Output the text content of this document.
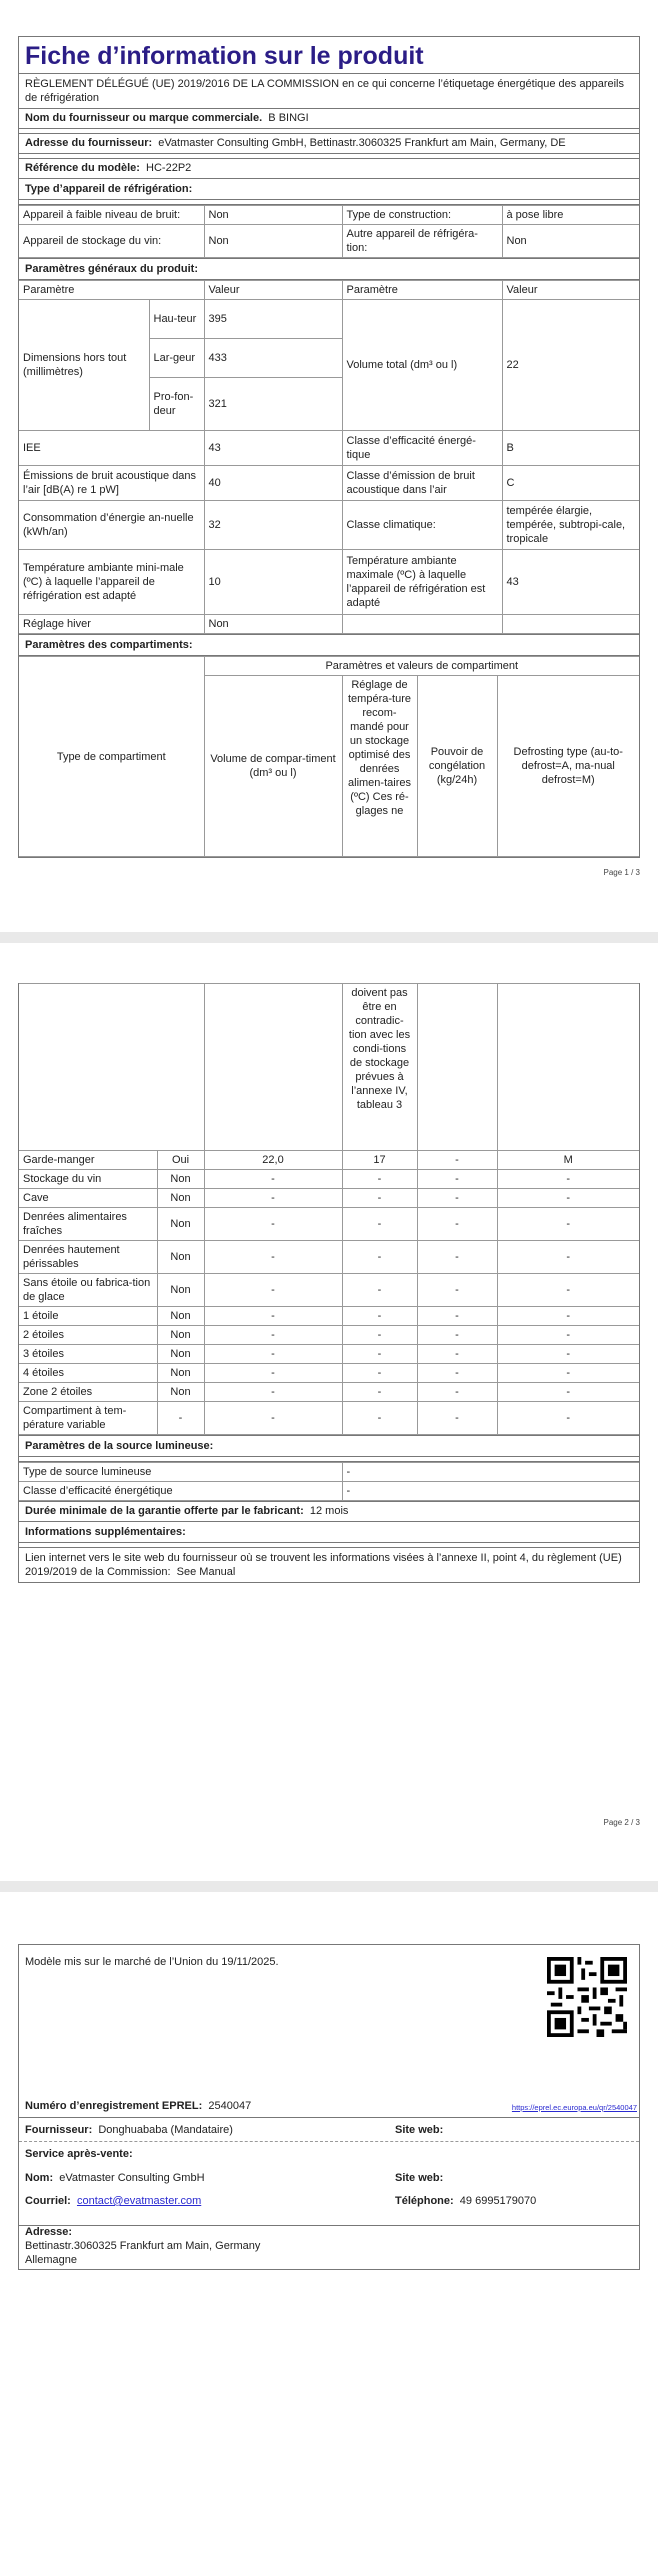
Fiche d’information sur le produit
RÈGLEMENT DÉLÉGUÉ (UE) 2019/2016 DE LA COMMISSION en ce qui concerne l’étiquetage énergétique des appareils de réfrigération
Nom du fournisseur ou marque commerciale. B BINGI
Adresse du fournisseur: eVatmaster Consulting GmbH, Bettinastr.3060325 Frankfurt am Main, Germany, DE
Référence du modèle: HC-22P2
Type d’appareil de réfrigération:
Appareil à faible niveau de bruit:	Non	Type de construction:	à pose libre
Appareil de stockage du vin:	Non	Autre appareil de réfrigéra-tion:	Non
Paramètres généraux du produit:
Paramètre		Valeur	Paramètre	Valeur
Dimensions hors tout (millimètres)	Hau-teur	395	Volume total (dm³ ou l)	22
	Lar-geur	433		
	Pro-fon-deur	321		
IEE		43	Classe d’efficacité énergé-tique	B
Émissions de bruit acoustique dans l’air [dB(A) re 1 pW]		40	Classe d’émission de bruit acoustique dans l’air	C
Consommation d’énergie an-nuelle (kWh/an)		32	Classe climatique:	tempérée élargie, tempérée, subtropi-cale, tropicale
Température ambiante mini-male (ºC) à laquelle l’appareil de réfrigération est adapté		10	Température ambiante maximale (ºC) à laquelle l’appareil de réfrigération est adapté	43
Réglage hiver		Non		
Paramètres des compartiments:
Type de compartiment	Paramètres et valeurs de compartiment			
	Volume de compar-timent (dm³ ou l)	Réglage de tempéra-ture recom-mandé pour un stockage optimisé des denrées alimen-taires (ºC) Ces ré-glages ne	Pouvoir de congélation (kg/24h)	Defrosting type (au-to-defrost=A, ma-nual defrost=M)
Page 1 / 3
			doivent pas être en contradic-tion avec les condi-tions de stockage prévues à l’annexe IV, tableau 3		
Garde-manger	Oui	22,0	17	-	M
Stockage du vin	Non	-	-	-	-
Cave	Non	-	-	-	-
Denrées alimentaires fraîches	Non	-	-	-	-
Denrées hautement périssables	Non	-	-	-	-
Sans étoile ou fabrica-tion de glace	Non	-	-	-	-
1 étoile	Non	-	-	-	-
2 étoiles	Non	-	-	-	-
3 étoiles	Non	-	-	-	-
4 étoiles	Non	-	-	-	-
Zone 2 étoiles	Non	-	-	-	-
Compartiment à tem-pérature variable	-	-	-	-	-
Paramètres de la source lumineuse:
Type de source lumineuse	-
Classe d’efficacité énergétique	-
Durée minimale de la garantie offerte par le fabricant: 12 mois
Informations supplémentaires:
Lien internet vers le site web du fournisseur où se trouvent les informations visées à l’annexe II, point 4, du règlement (UE) 2019/2019 de la Commission: See Manual
Page 2 / 3
Modèle mis sur le marché de l’Union du 19/11/2025.
Numéro d’enregistrement EPREL: 2540047	https://eprel.ec.europa.eu/qr/2540047
Fournisseur: Donghuababa (Mandataire)	Site web:
Service après-vente:
Nom: eVatmaster Consulting GmbH	Site web:
Courriel: contact@evatmaster.com	Téléphone: 49 6995179070
Adresse:
Bettinastr.3060325 Frankfurt am Main, Germany
Allemagne
